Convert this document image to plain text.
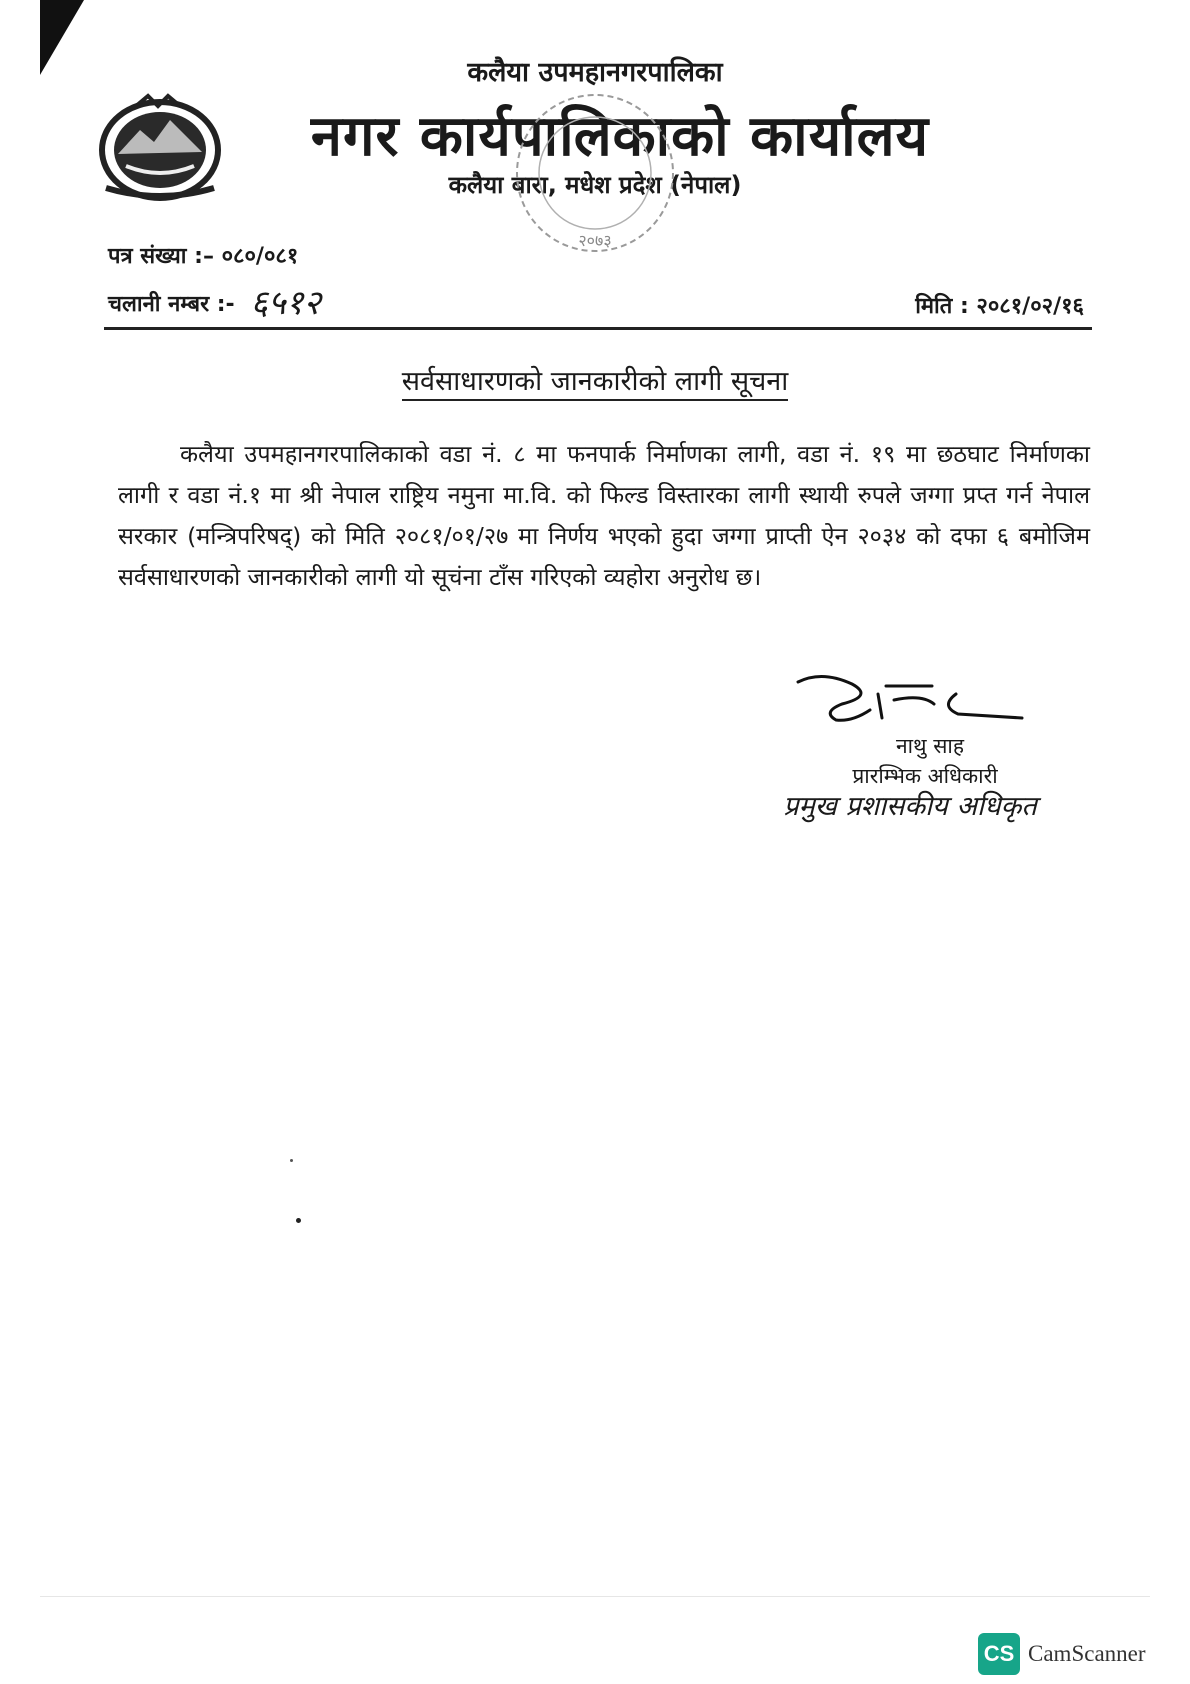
कलैया उपमहानगरपालिका
नगर कार्यपालिकाको कार्यालय
कलैया बारा, मधेश प्रदेश (नेपाल)
२०७३
पत्र संख्या :– ०८०/०८१
चलानी नम्बर :- ६५१२	मिति : २०८१/०२/१६
सर्वसाधारणको जानकारीको लागी सूचना
कलैया उपमहानगरपालिकाको वडा नं. ८ मा फनपार्क निर्माणका लागी, वडा नं. १९ मा छठघाट निर्माणका लागी र वडा नं.१ मा श्री नेपाल राष्ट्रिय नमुना मा.वि. को फिल्ड विस्तारका लागी स्थायी रुपले जग्गा प्रप्त गर्न नेपाल सरकार (मन्त्रिपरिषद्) को मिति २०८१/०१/२७ मा निर्णय भएको हुदा जग्गा प्राप्ती ऐन २०३४ को दफा ६ बमोजिम सर्वसाधारणको जानकारीको लागी यो सूचंना टाँस गरिएको व्यहोरा अनुरोध छ।
नाथु साह
प्रारम्भिक अधिकारी
प्रमुख प्रशासकीय अधिकृत
CS CamScanner
